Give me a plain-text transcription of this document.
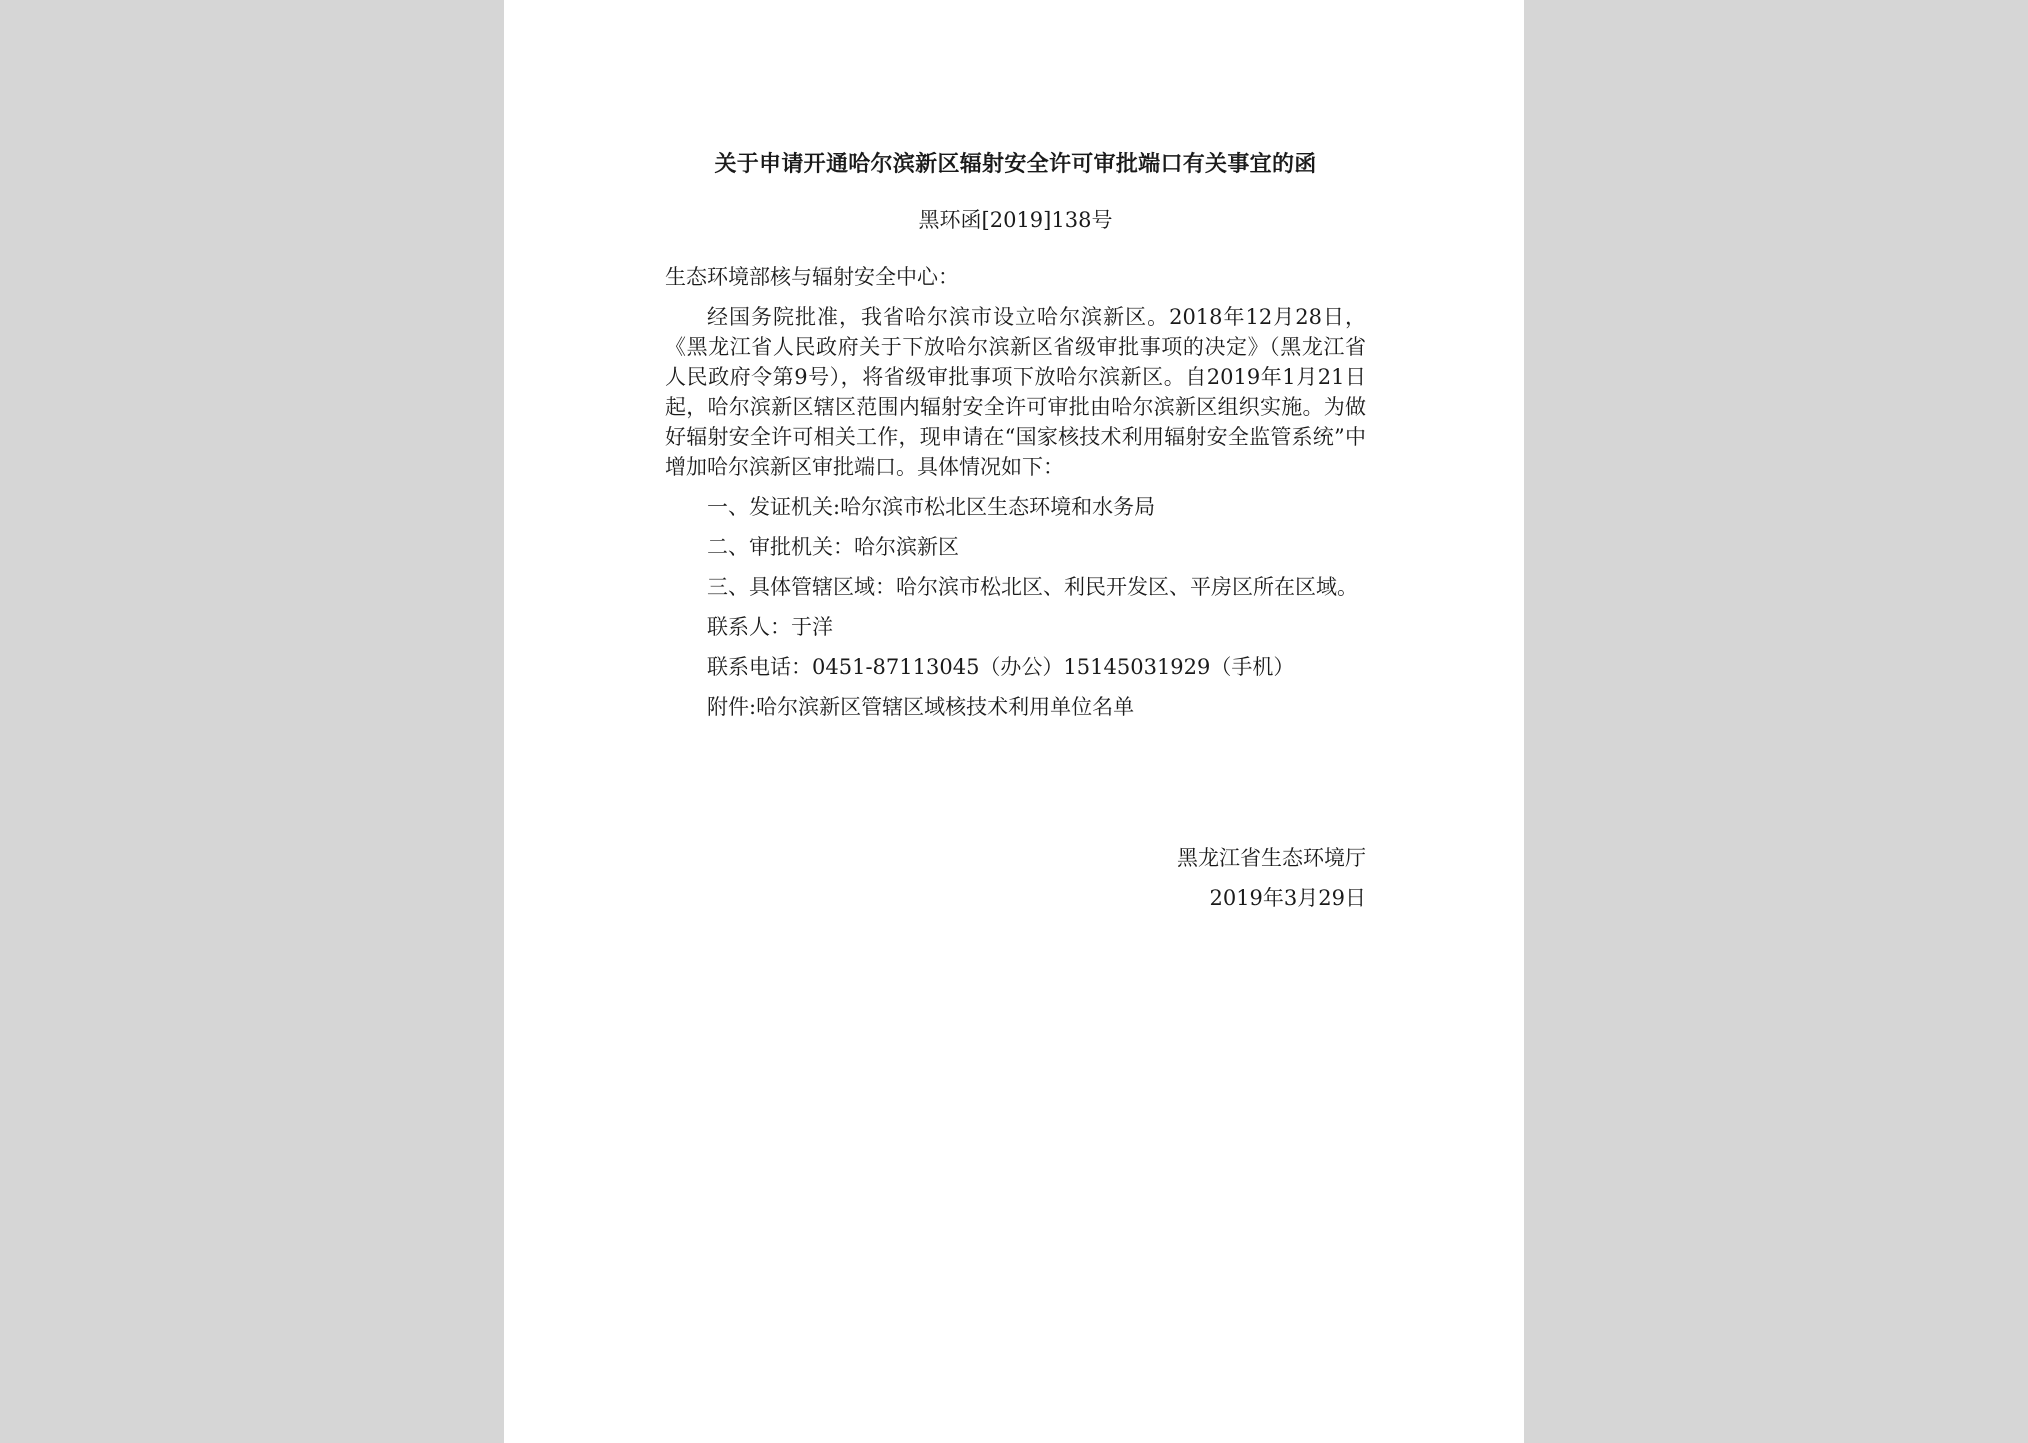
关于申请开通哈尔滨新区辐射安全许可审批端口有关事宜的函
黑环函[2019]138号

生态环境部核与辐射安全中心：

经国务院批准，我省哈尔滨市设立哈尔滨新区。2018年12月28日，《黑龙江省人民政府关于下放哈尔滨新区省级审批事项的决定》（黑龙江省人民政府令第9号），将省级审批事项下放哈尔滨新区。自2019年1月21日起，哈尔滨新区辖区范围内辐射安全许可审批由哈尔滨新区组织实施。为做好辐射安全许可相关工作，现申请在“国家核技术利用辐射安全监管系统”中增加哈尔滨新区审批端口。具体情况如下：

一、发证机关:哈尔滨市松北区生态环境和水务局

二、审批机关：哈尔滨新区

三、具体管辖区域：哈尔滨市松北区、利民开发区、平房区所在区域。

联系人：于洋

联系电话：0451-87113045（办公）15145031929（手机）

附件:哈尔滨新区管辖区域核技术利用单位名单

黑龙江省生态环境厅
2019年3月29日
